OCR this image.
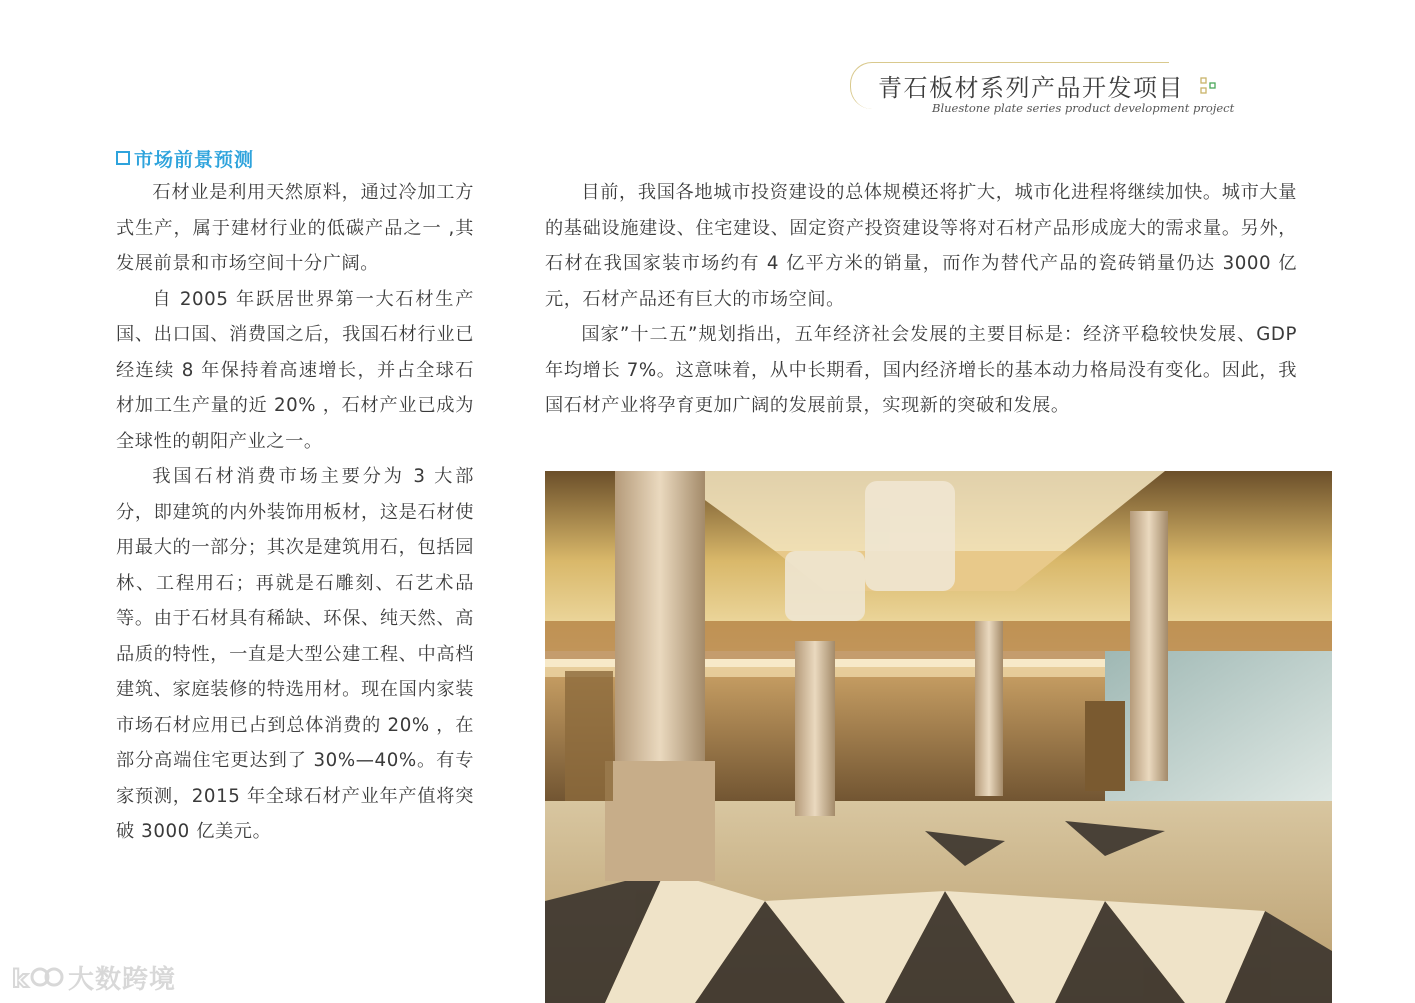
青石板材系列产品开发项目
Bluestone plate series product development project
市场前景预测

石材业是利用天然原料，通过冷加工方式生产，属于建材行业的低碳产品之一 ,其发展前景和市场空间十分广阔。

自 2005 年跃居世界第一大石材生产国、出口国、消费国之后，我国石材行业已经连续 8 年保持着高速增长，并占全球石材加工生产量的近 20% ，石材产业已成为全球性的朝阳产业之一。

我国石材消费市场主要分为 3 大部分，即建筑的内外装饰用板材，这是石材使用最大的一部分；其次是建筑用石，包括园林、工程用石；再就是石雕刻、石艺术品等。由于石材具有稀缺、环保、纯天然、高品质的特性，一直是大型公建工程、中高档建筑、家庭装修的特选用材。现在国内家装市场石材应用已占到总体消费的 20% ，在部分高端住宅更达到了 30%—40%。有专家预测，2015 年全球石材产业年产值将突破 3000 亿美元。

目前，我国各地城市投资建设的总体规模还将扩大，城市化进程将继续加快。城市大量的基础设施建设、住宅建设、固定资产投资建设等将对石材产品形成庞大的需求量。另外，石材在我国家装市场约有 4 亿平方米的销量，而作为替代产品的瓷砖销量仍达 3000 亿元，石材产品还有巨大的市场空间。

国家”十二五”规划指出，五年经济社会发展的主要目标是：经济平稳较快发展、GDP 年均增长 7%。这意味着，从中长期看，国内经济增长的基本动力格局没有变化。因此，我国石材产业将孕育更加广阔的发展前景，实现新的突破和发展。

k 大数跨境
